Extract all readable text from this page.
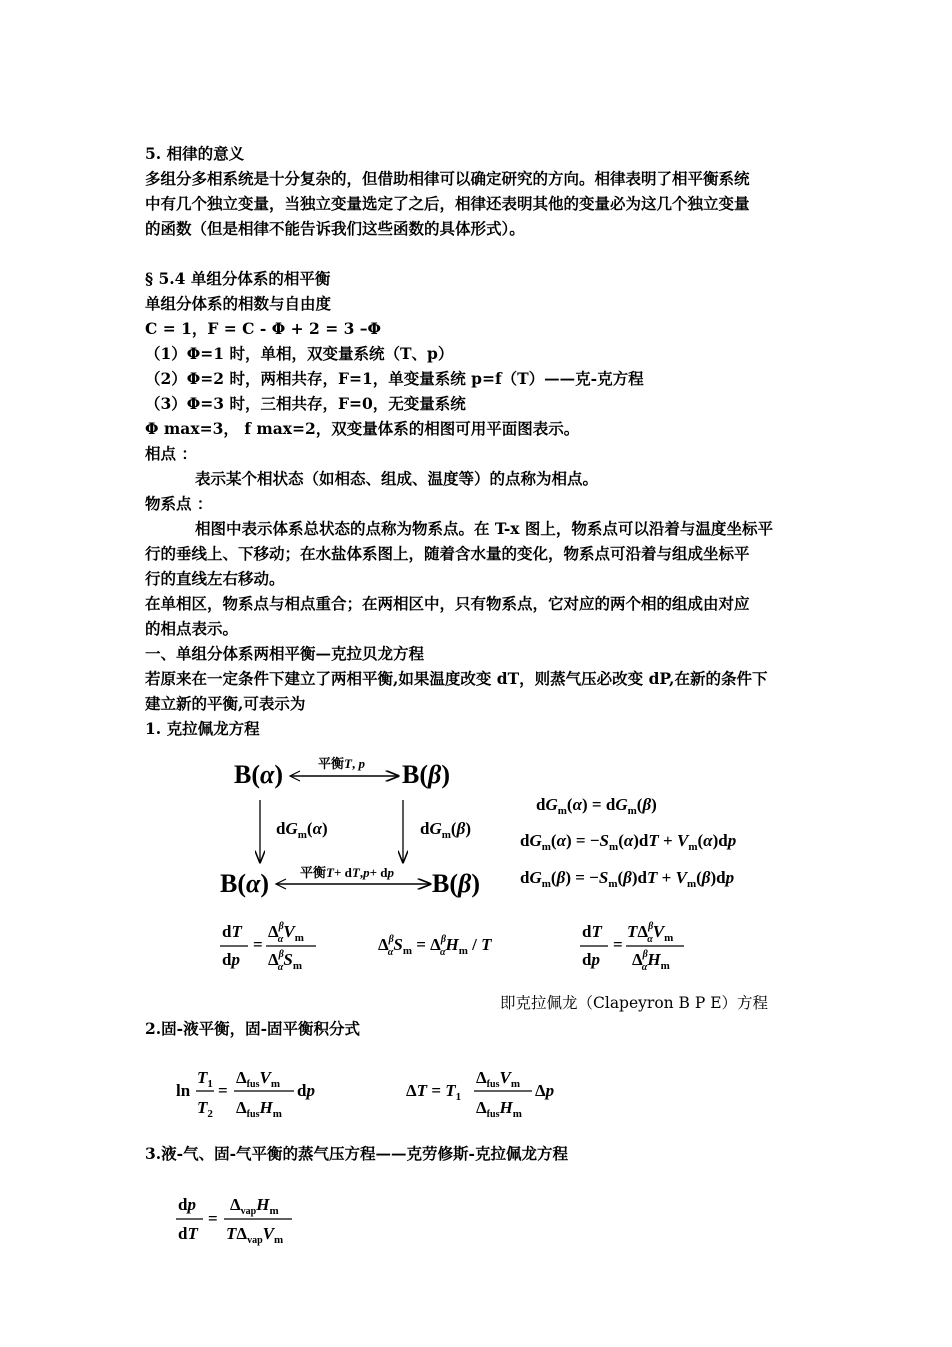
5. 相律的意义
多组分多相系统是十分复杂的，但借助相律可以确定研究的方向。相律表明了相平衡系统
中有几个独立变量，当独立变量选定了之后，相律还表明其他的变量必为这几个独立变量
的函数（但是相律不能告诉我们这些函数的具体形式）。
§ 5.4 单组分体系的相平衡
单组分体系的相数与自由度
C = 1，F = C - Φ + 2 = 3 –Φ
（1）Φ=1 时，单相，双变量系统（T、p）
（2）Φ=2 时，两相共存，F=1，单变量系统 p=f（T）——克-克方程
（3）Φ=3 时，三相共存，F=0，无变量系统
Φ max=3， f max=2，双变量体系的相图可用平面图表示。
相点 ：
表示某个相状态（如相态、组成、温度等）的点称为相点。
物系点 ：
相图中表示体系总状态的点称为物系点。在 T-x 图上，物系点可以沿着与温度坐标平
行的垂线上、下移动；在水盐体系图上，随着含水量的变化，物系点可沿着与组成坐标平
行的直线左右移动。
在单相区，物系点与相点重合；在两相区中，只有物系点，它对应的两个相的组成由对应
的相点表示。
一、单组分体系两相平衡—克拉贝龙方程
若原来在一定条件下建立了两相平衡,如果温度改变 dT，则蒸气压必改变 dP,在新的条件下
建立新的平衡,可表示为
1. 克拉佩龙方程
B(α)	B(β)
平衡T, p
$dG_m(\alpha)$	$dG_m(\beta)$
B(α)	B(β)
平衡T+ dT,p+ dp
$dG_m(\alpha) = dG_m(\beta)$
$dG_m(\alpha) = -S_m(\alpha)dT + V_m(\alpha)dp$
$dG_m(\beta) = -S_m(\beta)dT + V_m(\beta)dp$
dT
dp
=
$\Delta^\beta$ $\alpha V_m$
$\Delta^\beta$ $\alpha S_m$
$\Delta^\beta$ $\alpha S_m = \Delta^\beta$ $\alpha H_m$ / T
dT
dp
=
$T\Delta^\beta$ $\alpha V_m$
$\Delta^\beta$ $\alpha H_m$
ln
$T_1$
$T_2$
=
$\Delta_{fus}V_m$
$\Delta_{fus}H_m$
dp	$\Delta T = T_1$
$\Delta_{fus}V_m$
$\Delta_{fus}H_m$
Δp
dp
dT
=
$\Delta_{vap}H_m$
$T\Delta_{vap}V_m$
即克拉佩龙（Clapeyron B P E）方程
2.固-液平衡，固-固平衡积分式
3.液-气、固-气平衡的蒸气压方程——克劳修斯-克拉佩龙方程
